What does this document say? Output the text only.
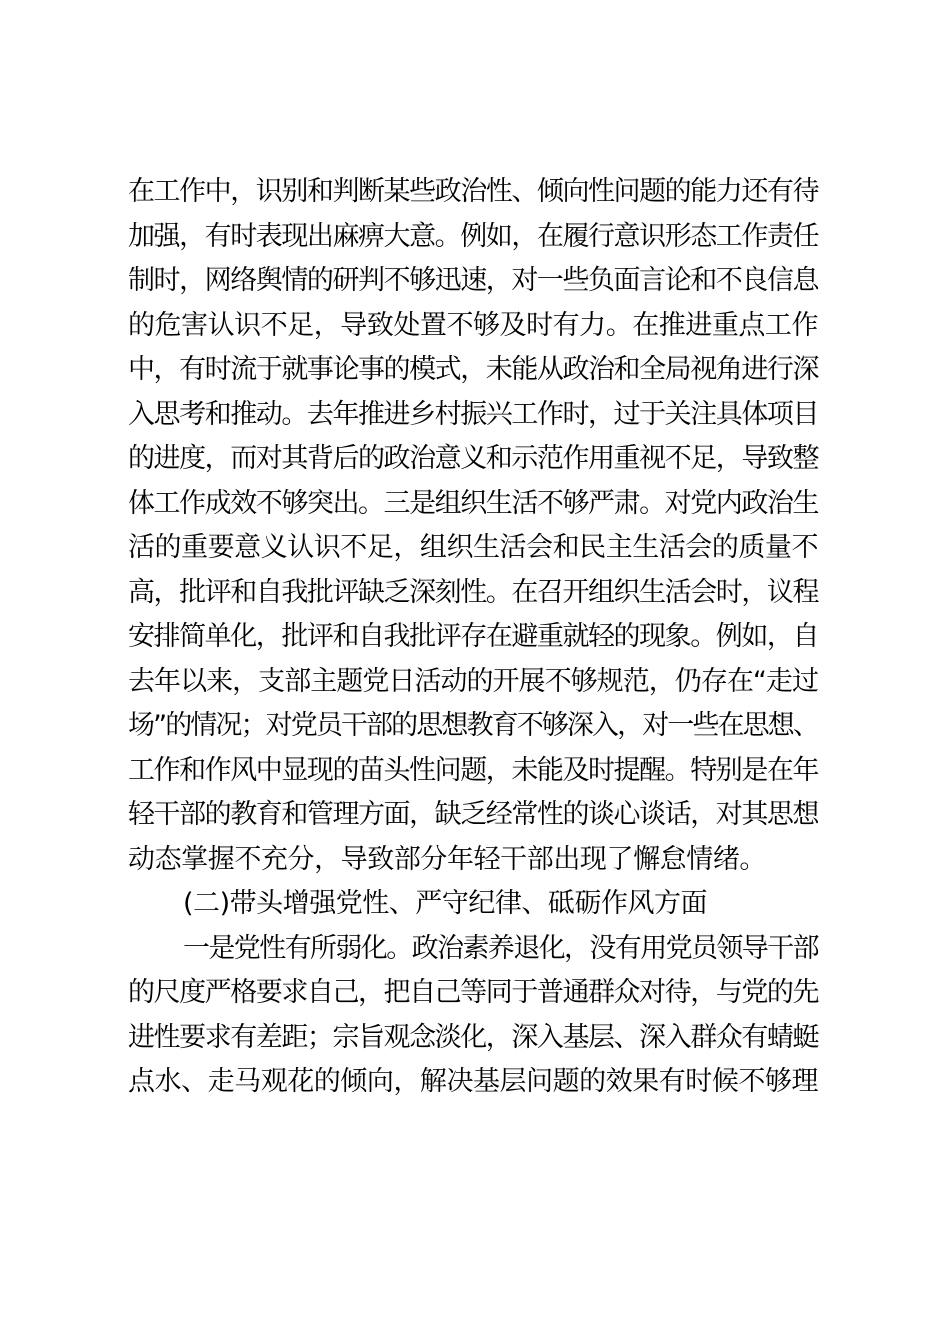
在工作中，识别和判断某些政治性、倾向性问题的能力还有待
加强，有时表现出麻痹大意。例如，在履行意识形态工作责任
制时，网络舆情的研判不够迅速，对一些负面言论和不良信息
的危害认识不足，导致处置不够及时有力。在推进重点工作
中，有时流于就事论事的模式，未能从政治和全局视角进行深
入思考和推动。去年推进乡村振兴工作时，过于关注具体项目
的进度，而对其背后的政治意义和示范作用重视不足，导致整
体工作成效不够突出。三是组织生活不够严肃。对党内政治生
活的重要意义认识不足，组织生活会和民主生活会的质量不
高，批评和自我批评缺乏深刻性。在召开组织生活会时，议程
安排简单化，批评和自我批评存在避重就轻的现象。例如，自
去年以来，支部主题党日活动的开展不够规范，仍存在“走过
场”的情况；对党员干部的思想教育不够深入，对一些在思想、
工作和作风中显现的苗头性问题，未能及时提醒。特别是在年
轻干部的教育和管理方面，缺乏经常性的谈心谈话，对其思想
动态掌握不充分，导致部分年轻干部出现了懈怠情绪。
(二)带头增强党性、严守纪律、砥砺作风方面
一是党性有所弱化。政治素养退化，没有用党员领导干部
的尺度严格要求自己，把自己等同于普通群众对待，与党的先
进性要求有差距；宗旨观念淡化，深入基层、深入群众有蜻蜓
点水、走马观花的倾向，解决基层问题的效果有时候不够理
